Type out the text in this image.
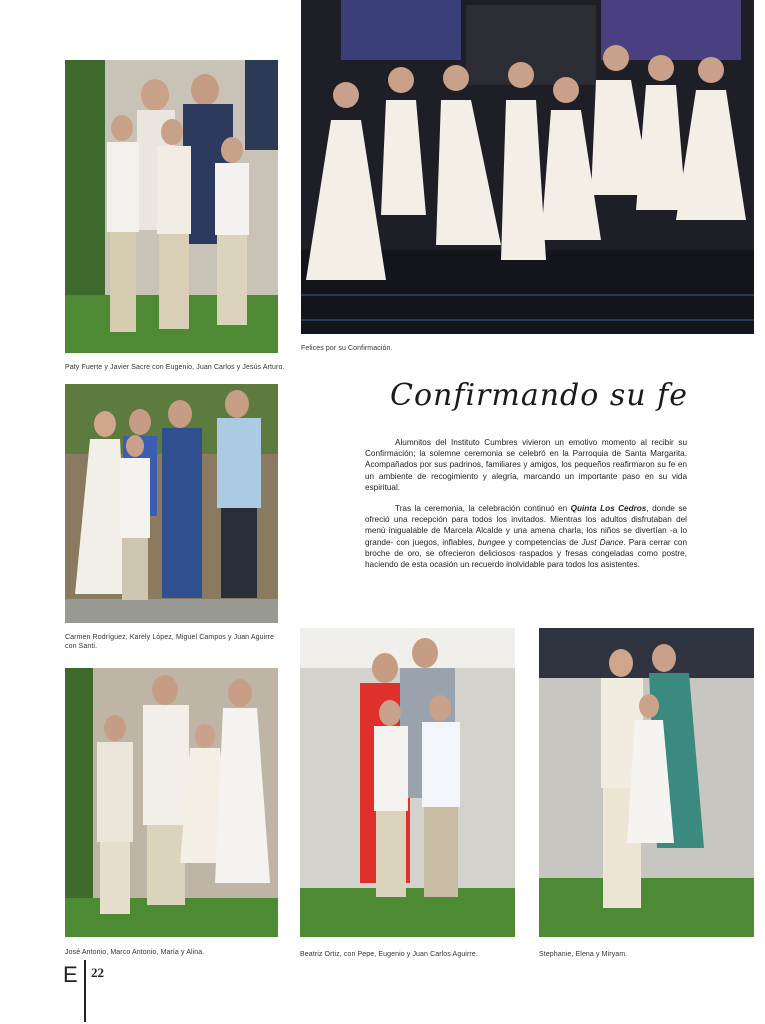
Paty Fuerte y Javier Sacre con Eugenio, Juan Carlos y Jesús Arturo.
Felices por su Confirmación.
Confirmando su fe

Alumnitos del Instituto Cumbres vivieron un emotivo momento al recibir su Confirmación; la solemne ceremonia se celebró en la Parroquia de Santa Margarita. Acompañados por sus padrinos, familiares y amigos, los pequeños reafirmaron su fe en un ambiente de recogimiento y alegría, marcando un importante paso en su vida espiritual.

Tras la ceremonia, la celebración continuó en Quinta Los Cedros, donde se ofreció una recepción para todos los invitados. Mientras los adultos disfrutaban del menú inigualable de Marcela Alcalde y una amena charla, los niños se divertían -a lo grande- con juegos, inflables, bungee y competencias de Just Dance. Para cerrar con broche de oro, se ofrecieron deliciosos raspados y fresas congeladas como postre, haciendo de esta ocasión un recuerdo inolvidable para todos los asistentes.

Carmen Rodríguez, Karely López, Miguel Campos y Juan Aguirre con Santi.
José Antonio, Marco Antonio, María y Alina.	Beatriz Ortiz, con Pepe, Eugenio y Juan Carlos Aguirre.	Stephanie, Elena y Miryam.
E 22
